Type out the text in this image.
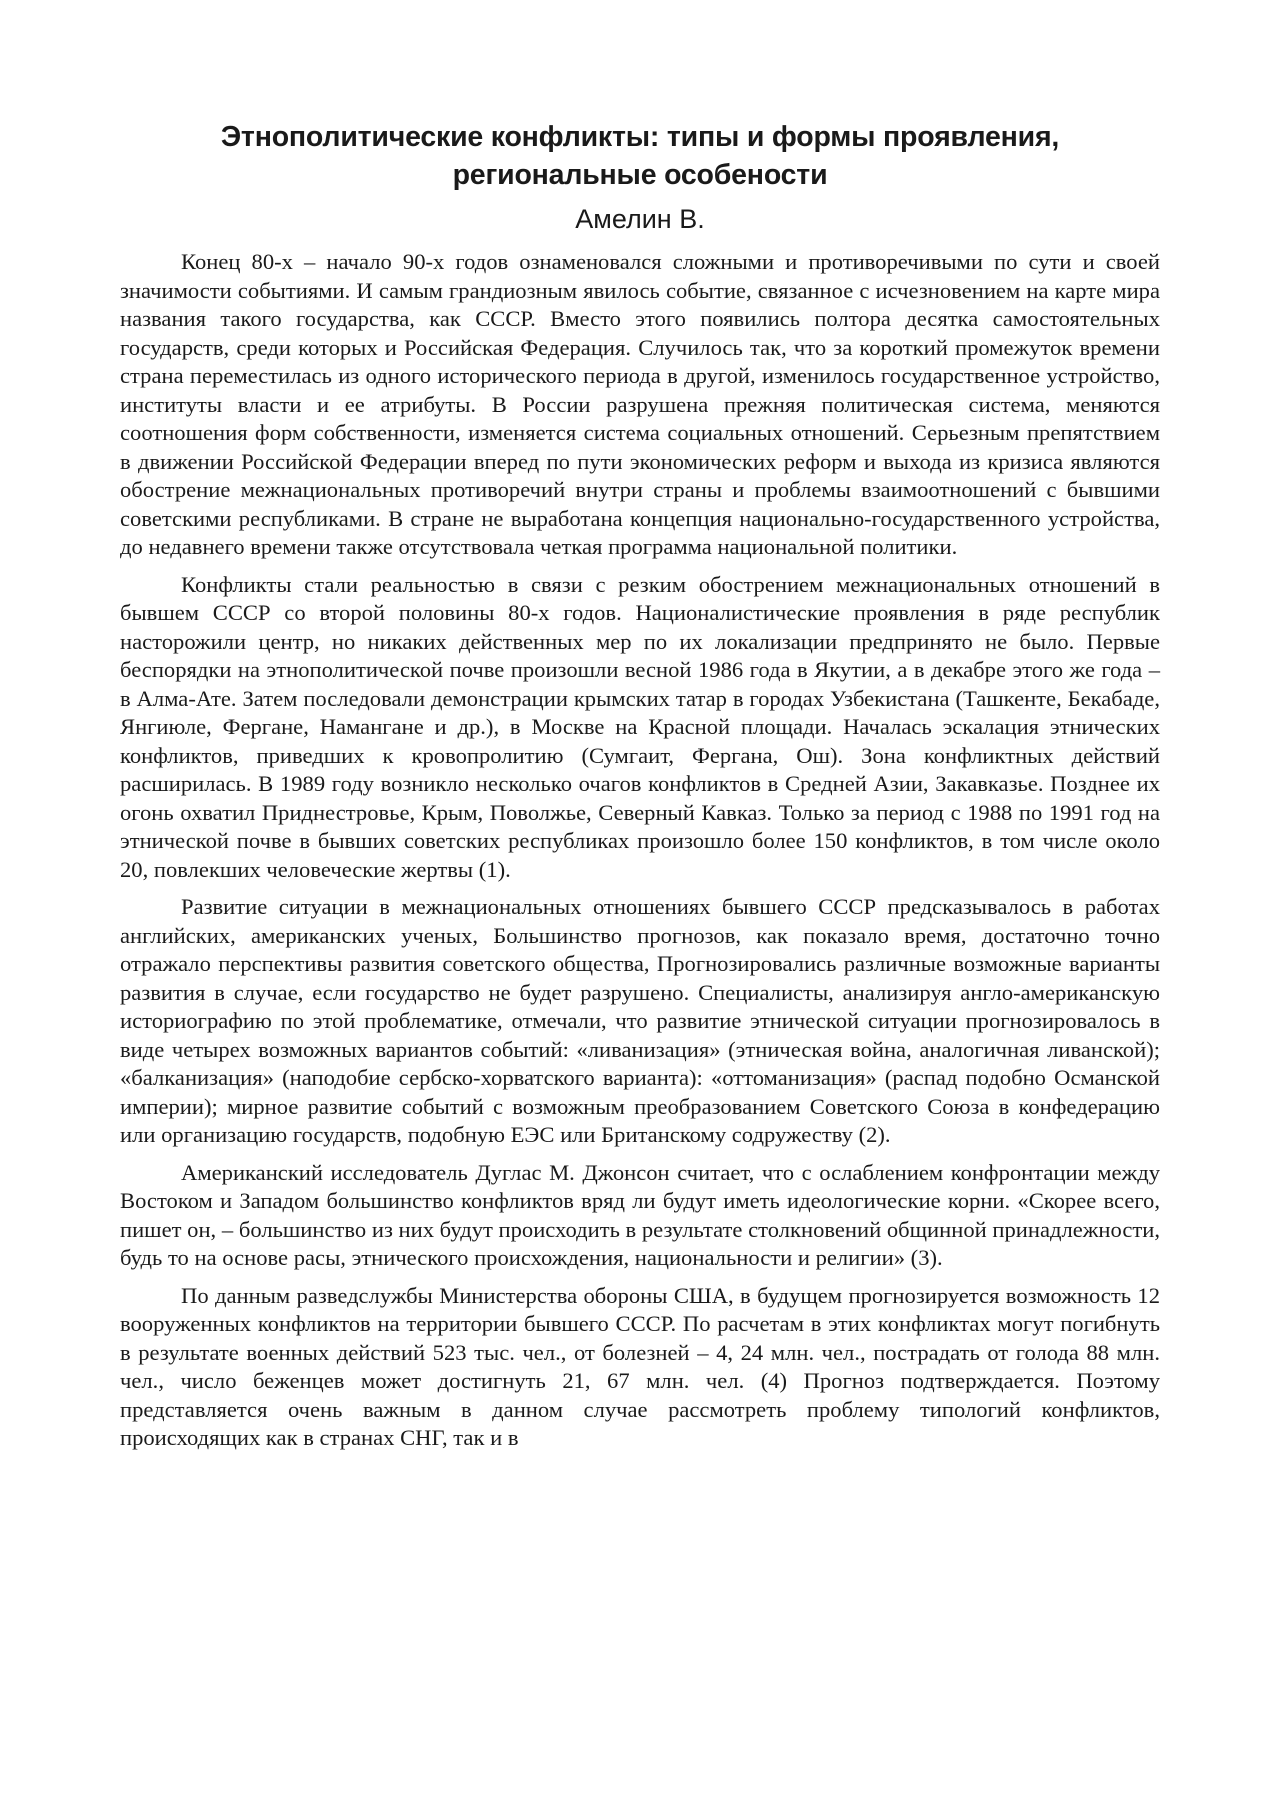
Этнополитические конфликты: типы и формы проявления,
региональные особености
Амелин В.

Конец 80-х – начало 90-х годов ознаменовался сложными и противоречивыми по сути и своей значимости событиями. И самым грандиозным явилось событие, связанное с исчезновением на карте мира названия такого государства, как СССР. Вместо этого появились полтора десятка самостоятельных государств, среди которых и Российская Федерация. Случилось так, что за короткий промежуток времени страна переместилась из одного исторического периода в другой, изменилось государственное устройство, институты власти и ее атрибуты. В России разрушена прежняя политическая система, меняются соотношения форм собственности, изменяется система социальных отношений. Серьезным препятствием в движении Российской Федерации вперед по пути экономических реформ и выхода из кризиса являются обострение межнациональных противоречий внутри страны и проблемы взаимоотношений с бывшими советскими республиками. В стране не выработана концепция национально-государственного устройства, до недавнего времени также отсутствовала четкая программа национальной политики.

Конфликты стали реальностью в связи с резким обострением межнациональных отношений в бывшем СССР со второй половины 80-х годов. Националистические проявления в ряде республик насторожили центр, но никаких действенных мер по их локализации предпринято не было. Первые беспорядки на этнополитической почве произошли весной 1986 года в Якутии, а в декабре этого же года – в Алма-Ате. Затем последовали демонстрации крымских татар в городах Узбекистана (Ташкенте, Бекабаде, Янгиюле, Фергане, Намангане и др.), в Москве на Красной площади. Началась эскалация этнических конфликтов, приведших к кровопролитию (Сумгаит, Фергана, Ош). Зона конфликтных действий расширилась. В 1989 году возникло несколько очагов конфликтов в Средней Азии, Закавказье. Позднее их огонь охватил Приднестровье, Крым, Поволжье, Северный Кавказ. Только за период с 1988 по 1991 год на этнической почве в бывших советских республиках произошло более 150 конфликтов, в том числе около 20, повлекших человеческие жертвы (1).

Развитие ситуации в межнациональных отношениях бывшего СССР предсказывалось в работах английских, американских ученых, Большинство прогнозов, как показало время, достаточно точно отражало перспективы развития советского общества, Прогнозировались различные возможные варианты развития в случае, если государство не будет разрушено. Специалисты, анализируя англо-американскую историографию по этой проблематике, отмечали, что развитие этнической ситуации прогнозировалось в виде четырех возможных вариантов событий: «ливанизация» (этническая война, аналогичная ливанской); «балканизация» (наподобие сербско-хорватского варианта): «оттоманизация» (распад подобно Османской империи); мирное развитие событий с возможным преобразованием Советского Союза в конфедерацию или организацию государств, подобную ЕЭС или Британскому содружеству (2).

Американский исследователь Дуглас М. Джонсон считает, что с ослаблением конфронтации между Востоком и Западом большинство конфликтов вряд ли будут иметь идеологические корни. «Скорее всего, пишет он, – большинство из них будут происходить в результате столкновений общинной принадлежности, будь то на основе расы, этнического происхождения, национальности и религии» (3).

По данным разведслужбы Министерства обороны США, в будущем прогнозируется возможность 12 вооруженных конфликтов на территории бывшего СССР. По расчетам в этих конфликтах могут погибнуть в результате военных действий 523 тыс. чел., от болезней – 4, 24 млн. чел., пострадать от голода 88 млн. чел., число беженцев может достигнуть 21, 67 млн. чел. (4) Прогноз подтверждается. Поэтому представляется очень важным в данном случае рассмотреть проблему типологий конфликтов, происходящих как в странах СНГ, так и в
